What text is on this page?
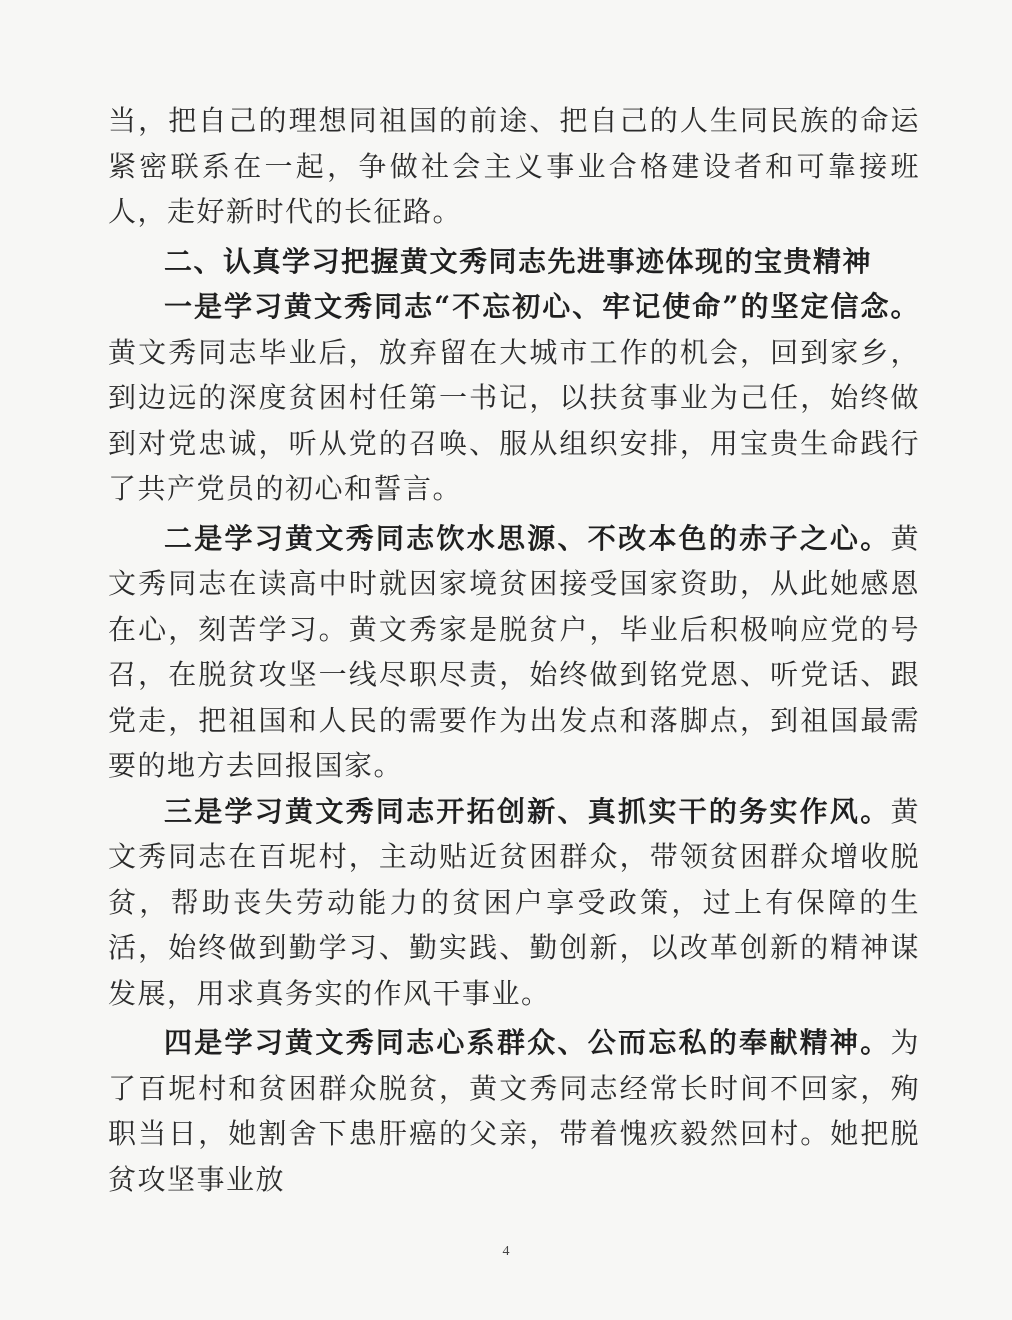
当，把自己的理想同祖国的前途、把自己的人生同民族的命运紧密联系在一起，争做社会主义事业合格建设者和可靠接班人，走好新时代的长征路。

二、认真学习把握黄文秀同志先进事迹体现的宝贵精神

一是学习黄文秀同志“不忘初心、牢记使命”的坚定信念。黄文秀同志毕业后，放弃留在大城市工作的机会，回到家乡，到边远的深度贫困村任第一书记，以扶贫事业为己任，始终做到对党忠诚，听从党的召唤、服从组织安排，用宝贵生命践行了共产党员的初心和誓言。

二是学习黄文秀同志饮水思源、不改本色的赤子之心。黄文秀同志在读高中时就因家境贫困接受国家资助，从此她感恩在心，刻苦学习。黄文秀家是脱贫户，毕业后积极响应党的号召，在脱贫攻坚一线尽职尽责，始终做到铭党恩、听党话、跟党走，把祖国和人民的需要作为出发点和落脚点，到祖国最需要的地方去回报国家。

三是学习黄文秀同志开拓创新、真抓实干的务实作风。黄文秀同志在百坭村，主动贴近贫困群众，带领贫困群众增收脱贫，帮助丧失劳动能力的贫困户享受政策，过上有保障的生活，始终做到勤学习、勤实践、勤创新，以改革创新的精神谋发展，用求真务实的作风干事业。

四是学习黄文秀同志心系群众、公而忘私的奉献精神。为了百坭村和贫困群众脱贫，黄文秀同志经常长时间不回家，殉职当日，她割舍下患肝癌的父亲，带着愧疚毅然回村。她把脱贫攻坚事业放

4
